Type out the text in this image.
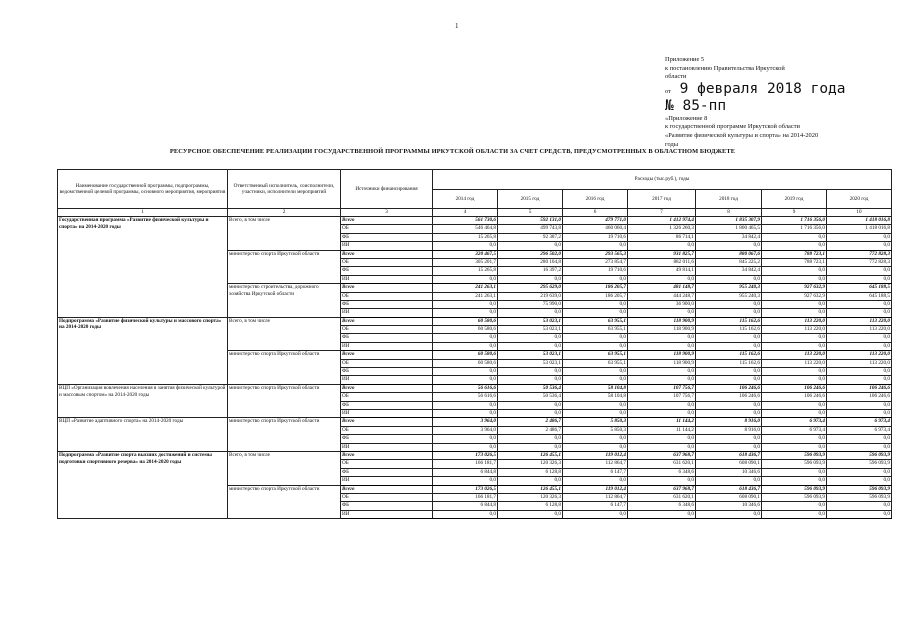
1
Приложение 5
к постановлению Правительства Иркутской
области
от 9 февраля 2018 года
№ 85-пп
«Приложение 8
к государственной программе Иркутской области
«Развитие физической культуры и спорта» на 2014-2020
годы
РЕСУРСНОЕ ОБЕСПЕЧЕНИЕ РЕАЛИЗАЦИИ ГОСУДАРСТВЕННОЙ ПРОГРАММЫ ИРКУТСКОЙ ОБЛАСТИ ЗА СЧЕТ СРЕДСТВ, ПРЕДУСМОТРЕННЫХ В ОБЛАСТНОМ БЮДЖЕТЕ
Наименование государственной программы, подпрограммы, ведомственной целевой программы, основного мероприятия, мероприятия	Ответственный исполнитель, соисполнители, участники, исполнители мероприятий	Источники финансирования	Расходы (тыс.руб.), годы						
			2014 год	2015 год	2016 год	2017 год	2018 год	2019 год	2020 год
1	2	3	4	5	6	7	8	9	10
Государственная программа «Развитие физической культуры и спорта» на 2014-2020 годы	Всего, в том числе	Всего	561 730,6	592 131,0	479 771,0	1 412 974,4	1 835 307,9	1 716 356,0	1 418 016,8
		ОБ	546 464,8	499 743,8	460 060,4	1 326 260,3	1 800 465,5	1 716 356,0	1 418 016,8
		ФБ	15 265,8	92 387,2	19 710,6	86 714,1	34 842,4	0,0	0,0
		ИИ	0,0	0,0	0,0	0,0	0,0	0,0	0,0
	министерство спорта Иркутской области	Всего	320 467,5	296 502,0	293 565,3	931 825,7	880 067,6	788 723,1	772 828,3
		ОБ	305 201,7	280 104,8	273 854,7	882 011,6	845 225,2	788 723,1	772 828,3
		ФБ	15 265,8	16 397,2	19 710,6	49 814,1	34 842,4	0,0	0,0
		ИИ	0,0	0,0	0,0	0,0	0,0	0,0	0,0
	министерство строительства, дорожного хозяйства Иркутской области	Всего	241 263,1	295 629,0	186 205,7	481 148,7	955 240,3	927 632,9	645 188,5
		ОБ	241 263,1	219 639,0	186 205,7	444 248,7	955 240,3	927 632,9	645 188,5
		ФБ	0,0	75 990,0	0,0	36 900,0	0,0	0,0	0,0
		ИИ	0,0	0,0	0,0	0,0	0,0	0,0	0,0
Подпрограмма «Развитие физической культуры и массового спорта» на 2014-2020 годы	Всего, в том числе	Всего	60 580,6	53 023,1	63 955,1	118 900,9	115 162,6	113 220,0	113 220,0
		ОБ	60 580,6	53 023,1	63 955,1	118 900,9	115 162,6	113 220,0	113 220,0
		ФБ	0,0	0,0	0,0	0,0	0,0	0,0	0,0
		ИИ	0,0	0,0	0,0	0,0	0,0	0,0	0,0
	министерство спорта Иркутской области	Всего	60 580,6	53 023,1	63 955,1	118 900,9	115 162,6	113 220,0	113 220,0
		ОБ	60 580,6	53 023,1	63 955,1	118 900,9	115 162,6	113 220,0	113 220,0
		ФБ	0,0	0,0	0,0	0,0	0,0	0,0	0,0
		ИИ	0,0	0,0	0,0	0,0	0,0	0,0	0,0
ВЦП «Организация вовлечения населения в занятия физической культурой и массовым спортом» на 2014-2020 годы	министерство спорта Иркутской области	Всего	56 616,6	50 536,4	58 104,8	107 756,7	106 246,6	106 246,6	106 246,6
		ОБ	56 616,6	50 536,4	58 104,8	107 756,7	106 246,6	106 246,6	106 246,6
		ФБ	0,0	0,0	0,0	0,0	0,0	0,0	0,0
		ИИ	0,0	0,0	0,0	0,0	0,0	0,0	0,0
ВЦП «Развитие адаптивного спорта» на 2014-2020 годы	министерство спорта Иркутской области	Всего	3 964,0	2 486,7	5 850,3	11 144,2	8 916,0	6 973,4	6 973,4
		ОБ	3 964,0	2 486,7	5 850,3	11 144,2	8 916,0	6 973,4	6 973,4
		ФБ	0,0	0,0	0,0	0,0	0,0	0,0	0,0
		ИИ	0,0	0,0	0,0	0,0	0,0	0,0	0,0
Подпрограмма «Развитие спорта высших достижений и системы подготовки спортивного резерва» на 2014-2020 годы	Всего, в том числе	Всего	173 026,5	126 455,1	119 012,4	637 968,7	618 436,7	596 093,9	596 093,9
		ОБ	166 181,7	120 326,3	112 864,7	631 620,1	608 090,1	596 093,9	596 093,9
		ФБ	6 844,8	6 128,8	6 147,7	6 348,6	10 346,6	0,0	0,0
		ИИ	0,0	0,0	0,0	0,0	0,0	0,0	0,0
	министерство спорта Иркутской области	Всего	173 026,5	126 455,1	119 012,4	637 968,7	618 436,7	596 093,9	596 093,9
		ОБ	166 181,7	120 326,3	112 864,7	631 620,1	608 090,1	596 093,9	596 093,9
		ФБ	6 844,8	6 128,8	6 147,7	6 348,6	10 346,6	0,0	0,0
		ИИ	0,0	0,0	0,0	0,0	0,0	0,0	0,0
